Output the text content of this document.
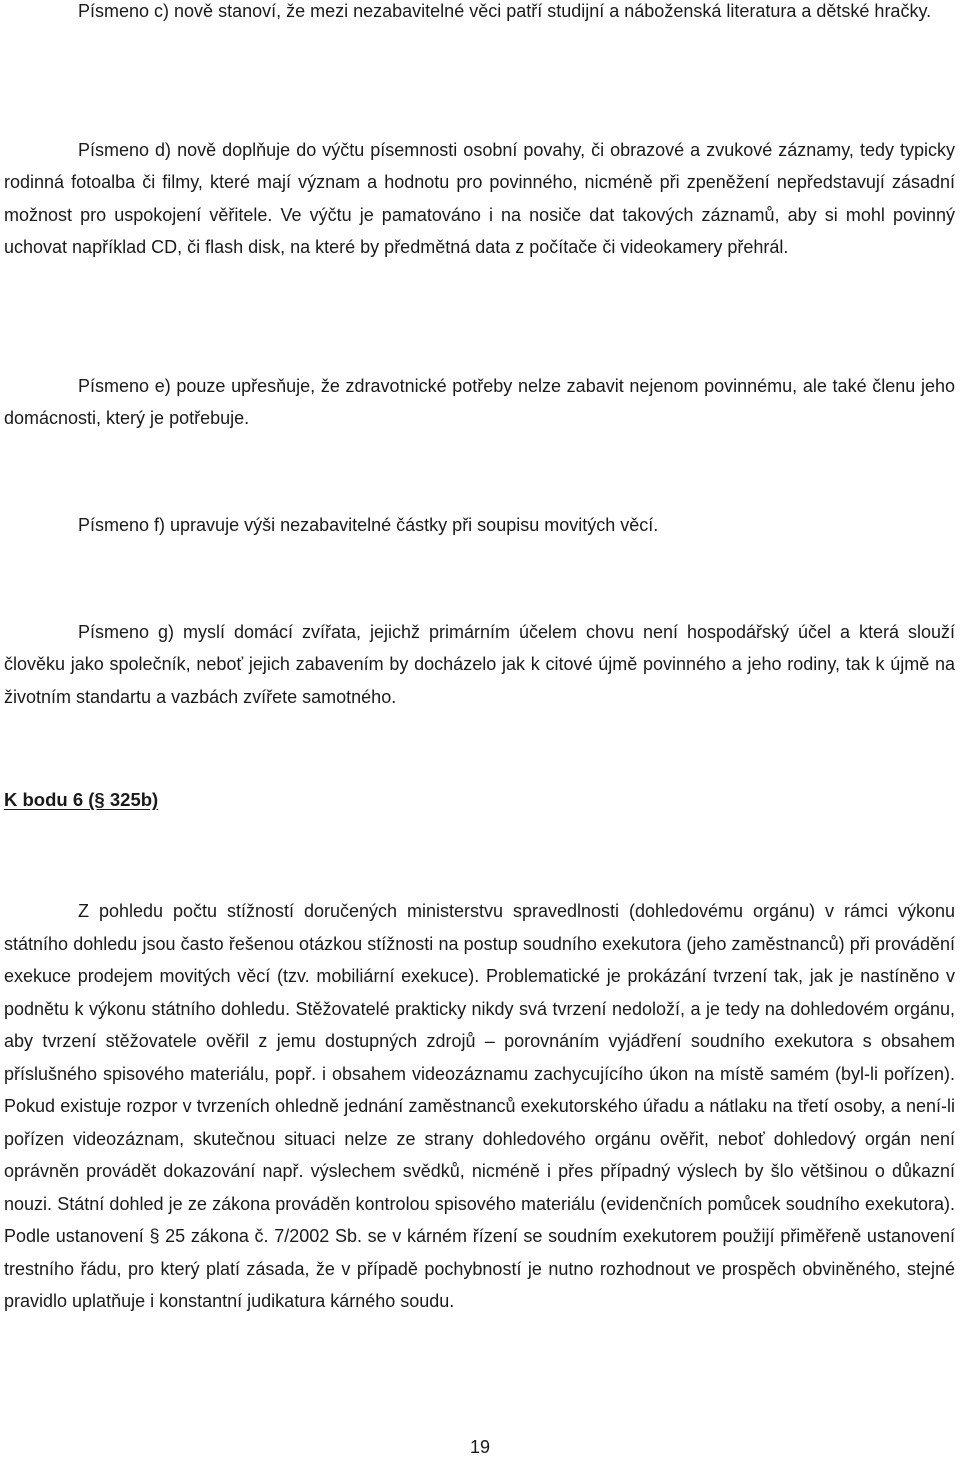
Písmeno c) nově stanoví, že mezi nezabavitelné věci patří studijní a náboženská literatura a dětské hračky.

Písmeno d) nově doplňuje do výčtu písemnosti osobní povahy, či obrazové a zvukové záznamy, tedy typicky rodinná fotoalba či filmy, které mají význam a hodnotu pro povinného, nicméně při zpeněžení nepředstavují zásadní možnost pro uspokojení věřitele. Ve výčtu je pamatováno i na nosiče dat takových záznamů, aby si mohl povinný uchovat například CD, či flash disk, na které by předmětná data z počítače či videokamery přehrál.

Písmeno e) pouze upřesňuje, že zdravotnické potřeby nelze zabavit nejenom povinnému, ale také členu jeho domácnosti, který je potřebuje.

Písmeno f) upravuje výši nezabavitelné částky při soupisu movitých věcí.

Písmeno g) myslí domácí zvířata, jejichž primárním účelem chovu není hospodářský účel a která slouží člověku jako společník, neboť jejich zabavením by docházelo jak k citové újmě povinného a jeho rodiny, tak k újmě na životním standartu a vazbách zvířete samotného.

K bodu 6 (§ 325b)

Z pohledu počtu stížností doručených ministerstvu spravedlnosti (dohledovému orgánu) v rámci výkonu státního dohledu jsou často řešenou otázkou stížnosti na postup soudního exekutora (jeho zaměstnanců) při provádění exekuce prodejem movitých věcí (tzv. mobiliární exekuce). Problematické je prokázání tvrzení tak, jak je nastíněno v podnětu k výkonu státního dohledu. Stěžovatelé prakticky nikdy svá tvrzení nedoloží, a je tedy na dohledovém orgánu, aby tvrzení stěžovatele ověřil z jemu dostupných zdrojů – porovnáním vyjádření soudního exekutora s obsahem příslušného spisového materiálu, popř. i obsahem videozáznamu zachycujícího úkon na místě samém (byl-li pořízen). Pokud existuje rozpor v tvrzeních ohledně jednání zaměstnanců exekutorského úřadu a nátlaku na třetí osoby, a není-li pořízen videozáznam, skutečnou situaci nelze ze strany dohledového orgánu ověřit, neboť dohledový orgán není oprávněn provádět dokazování např. výslechem svědků, nicméně i přes případný výslech by šlo většinou o důkazní nouzi. Státní dohled je ze zákona prováděn kontrolou spisového materiálu (evidenčních pomůcek soudního exekutora). Podle ustanovení § 25 zákona č. 7/2002 Sb. se v kárném řízení se soudním exekutorem použijí přiměřeně ustanovení trestního řádu, pro který platí zásada, že v případě pochybností je nutno rozhodnout ve prospěch obviněného, stejné pravidlo uplatňuje i konstantní judikatura kárného soudu.

19
